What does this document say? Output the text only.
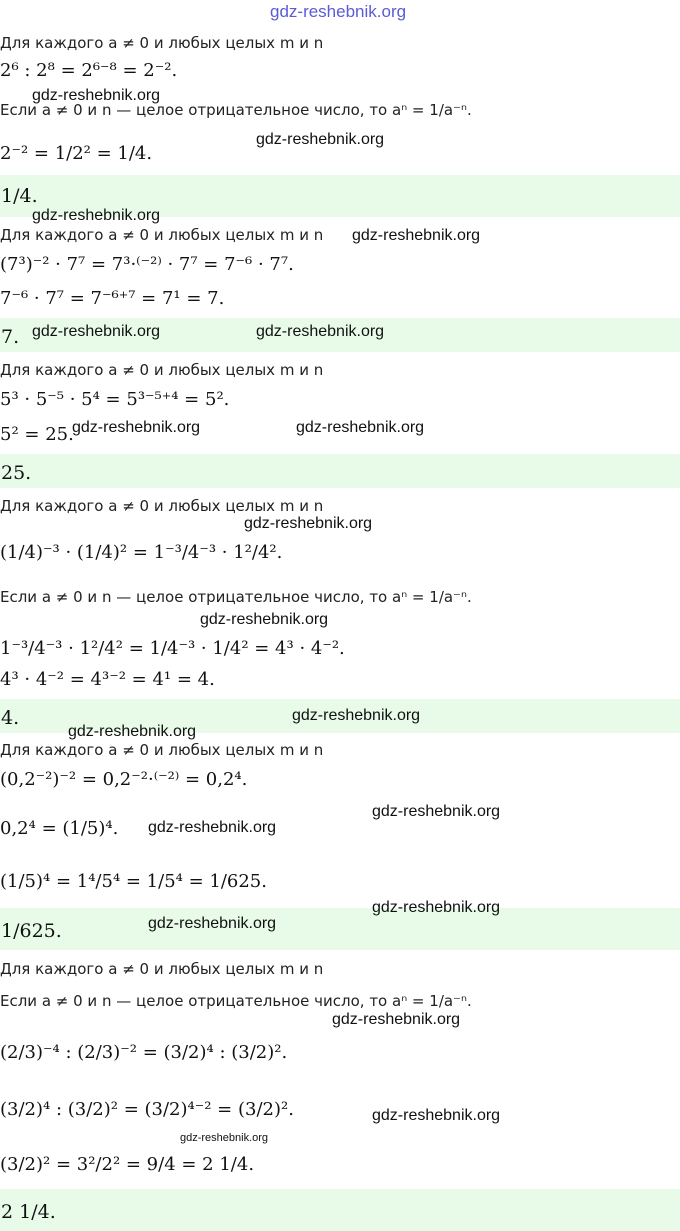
gdz-reshebnik.org
Для каждого a ≠ 0 и любых целых m и n
2⁶ : 2⁸ = 2⁶⁻⁸ = 2⁻².
gdz-reshebnik.org
Если a ≠ 0 и n — целое отрицательное число, то aⁿ = 1/a⁻ⁿ.
gdz-reshebnik.org
2⁻² = 1/2² = 1/4.
1/4.
gdz-reshebnik.org
Для каждого a ≠ 0 и любых целых m и n gdz-reshebnik.org
(7³)⁻² · 7⁷ = 7³·⁽⁻²⁾ · 7⁷ = 7⁻⁶ · 7⁷.
7⁻⁶ · 7⁷ = 7⁻⁶⁺⁷ = 7¹ = 7.
7. gdz-reshebnik.org	gdz-reshebnik.org
Для каждого a ≠ 0 и любых целых m и n
5³ · 5⁻⁵ · 5⁴ = 5³⁻⁵⁺⁴ = 5².
5² = 25.
gdz-reshebnik.org	gdz-reshebnik.org
25.
Для каждого a ≠ 0 и любых целых m и n
gdz-reshebnik.org
(1/4)⁻³ · (1/4)² = 1⁻³/4⁻³ · 1²/4².
Если a ≠ 0 и n — целое отрицательное число, то aⁿ = 1/a⁻ⁿ.
gdz-reshebnik.org
1⁻³/4⁻³ · 1²/4² = 1/4⁻³ · 1/4² = 4³ · 4⁻².
4³ · 4⁻² = 4³⁻² = 4¹ = 4.
4.	gdz-reshebnik.org
gdz-reshebnik.org
Для каждого a ≠ 0 и любых целых m и n
(0,2⁻²)⁻² = 0,2⁻²·⁽⁻²⁾ = 0,2⁴.
gdz-reshebnik.org
0,2⁴ = (1/5)⁴. gdz-reshebnik.org
(1/5)⁴ = 1⁴/5⁴ = 1/5⁴ = 1/625.
1/625.
gdz-reshebnik.org
gdz-reshebnik.org
Для каждого a ≠ 0 и любых целых m и n
Если a ≠ 0 и n — целое отрицательное число, то aⁿ = 1/a⁻ⁿ.
gdz-reshebnik.org
(2/3)⁻⁴ : (2/3)⁻² = (3/2)⁴ : (3/2)².
(3/2)⁴ : (3/2)² = (3/2)⁴⁻² = (3/2)².	gdz-reshebnik.org
gdz-reshebnik.org
(3/2)² = 3²/2² = 9/4 = 2 1/4.
2 1/4.
